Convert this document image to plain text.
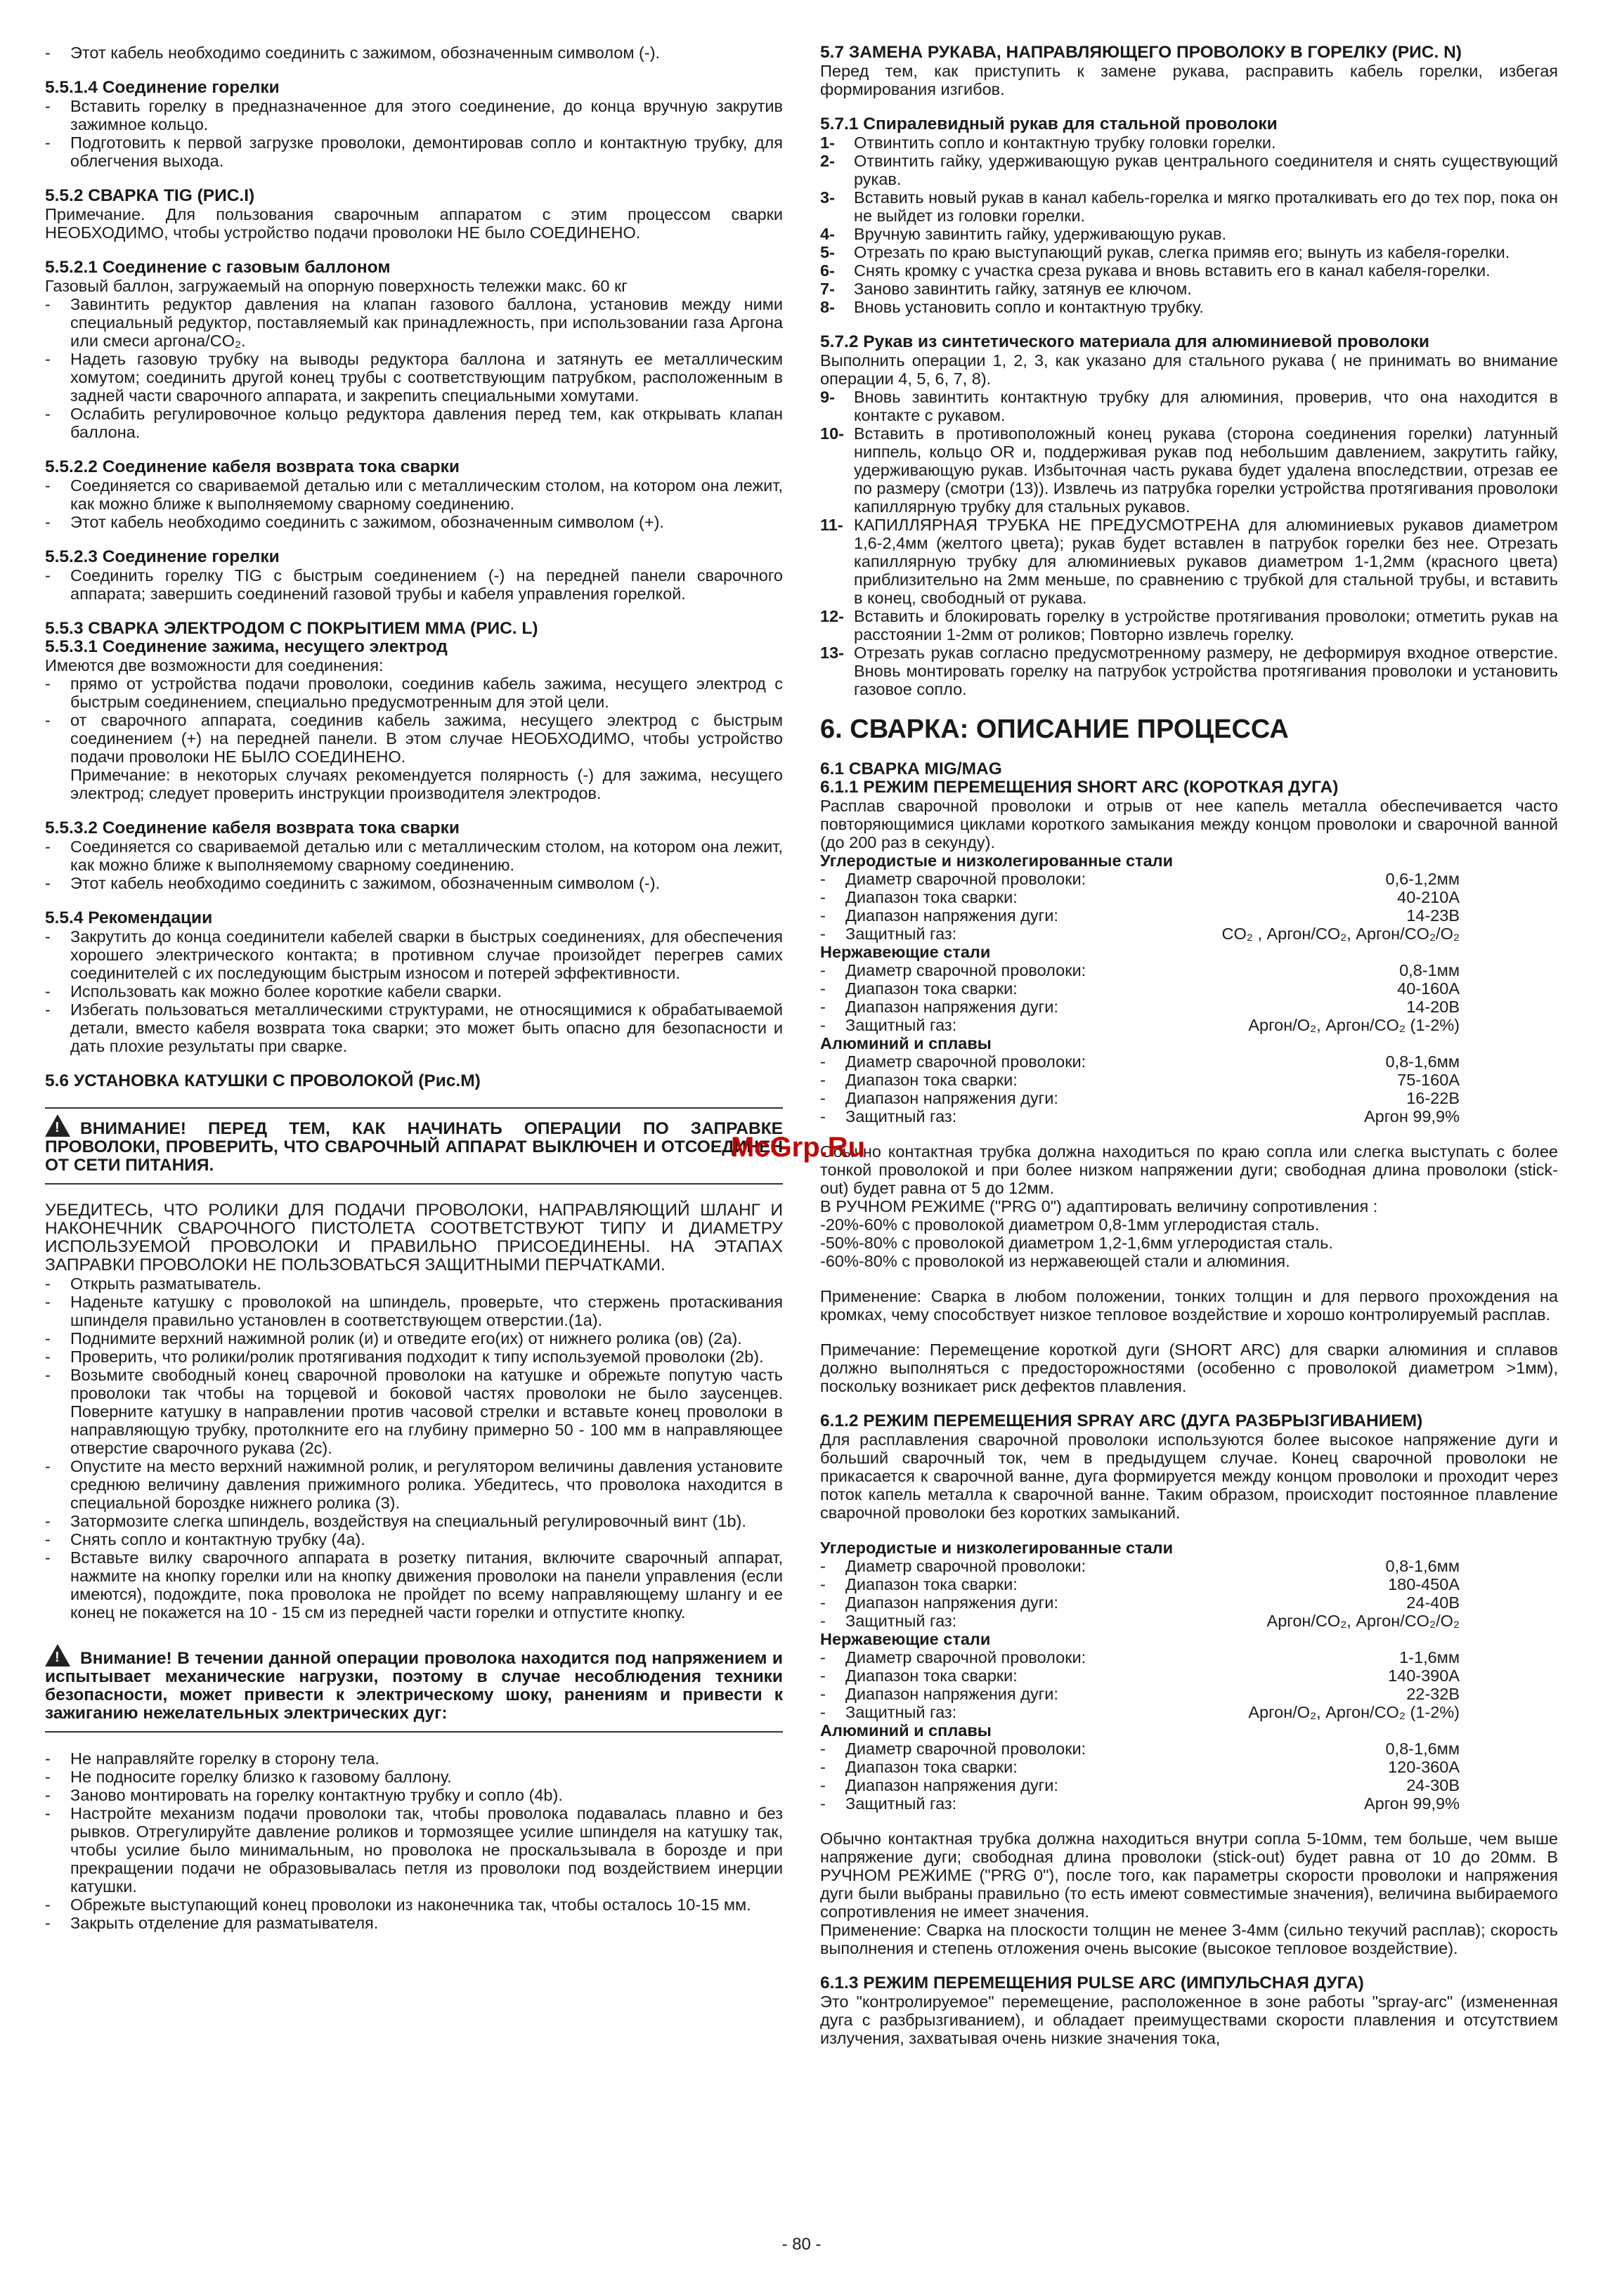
- Этот кабель необходимо соединить с зажимом, обозначенным символом (-).
5.5.1.4 Соединение горелки
- Вставить горелку в предназначенное для этого соединение, до конца вручную закрутив зажимное кольцо.
- Подготовить к первой загрузке проволоки, демонтировав сопло и контактную трубку, для облегчения выхода.
5.5.2 СВАРКА TIG (РИС.I)
Примечание. Для пользования сварочным аппаратом с этим процессом сварки НЕОБХОДИМО, чтобы устройство подачи проволоки НЕ было СОЕДИНЕНО.
5.5.2.1 Соединение с газовым баллоном
Газовый баллон, загружаемый на опорную поверхность тележки макс. 60 кг
- Завинтить редуктор давления на клапан газового баллона, установив между ними специальный редуктор, поставляемый как принадлежность, при использовании газа Аргона или смеси аргона/CO₂.
- Надеть газовую трубку на выводы редуктора баллона и затянуть ее металлическим хомутом; соединить другой конец трубы с соответствующим патрубком, расположенным в задней части сварочного аппарата, и закрепить специальными хомутами.
- Ослабить регулировочное кольцо редуктора давления перед тем, как открывать клапан баллона.
5.5.2.2 Соединение кабеля возврата тока сварки
- Соединяется со свариваемой деталью или с металлическим столом, на котором она лежит, как можно ближе к выполняемому сварному соединению.
- Этот кабель необходимо соединить с зажимом, обозначенным символом (+).
5.5.2.3 Соединение горелки
- Соединить горелку TIG с быстрым соединением (-) на передней панели сварочного аппарата; завершить соединений газовой трубы и кабеля управления горелкой.
5.5.3 СВАРКА ЭЛЕКТРОДОМ С ПОКРЫТИЕМ MMA (РИС. L)
5.5.3.1 Соединение зажима, несущего электрод
Имеются две возможности для соединения:
- прямо от устройства подачи проволоки, соединив кабель зажима, несущего электрод с быстрым соединением, специально предусмотренным для этой цели.
- от сварочного аппарата, соединив кабель зажима, несущего электрод с быстрым соединением (+) на передней панели. В этом случае НЕОБХОДИМО, чтобы устройство подачи проволоки НЕ БЫЛО СОЕДИНЕНО.
Примечание: в некоторых случаях рекомендуется полярность (-) для зажима, несущего электрод; следует проверить инструкции производителя электродов.
5.5.3.2 Соединение кабеля возврата тока сварки
- Соединяется со свариваемой деталью или с металлическим столом, на котором она лежит, как можно ближе к выполняемому сварному соединению.
- Этот кабель необходимо соединить с зажимом, обозначенным символом (-).
5.5.4 Рекомендации
- Закрутить до конца соединители кабелей сварки в быстрых соединениях, для обеспечения хорошего электрического контакта; в противном случае произойдет перегрев самих соединителей с их последующим быстрым износом и потерей эффективности.
- Использовать как можно более короткие кабели сварки.
- Избегать пользоваться металлическими структурами, не относящимися к обрабатываемой детали, вместо кабеля возврата тока сварки; это может быть опасно для безопасности и дать плохие результаты при сварке.
5.6 УСТАНОВКА КАТУШКИ С ПРОВОЛОКОЙ (Рис.M)
!ВНИМАНИЕ! ПЕРЕД ТЕМ, КАК НАЧИНАТЬ ОПЕРАЦИИ ПО ЗАПРАВКЕ ПРОВОЛОКИ, ПРОВЕРИТЬ, ЧТО СВАРОЧНЫЙ АППАРАТ ВЫКЛЮЧЕН И ОТСОЕДИНЕН ОТ СЕТИ ПИТАНИЯ.
УБЕДИТЕСЬ, ЧТО РОЛИКИ ДЛЯ ПОДАЧИ ПРОВОЛОКИ, НАПРАВЛЯЮЩИЙ ШЛАНГ И НАКОНЕЧНИК СВАРОЧНОГО ПИСТОЛЕТА СООТВЕТСТВУЮТ ТИПУ И ДИАМЕТРУ ИСПОЛЬЗУЕМОЙ ПРОВОЛОКИ И ПРАВИЛЬНО ПРИСОЕДИНЕНЫ. НА ЭТАПАХ ЗАПРАВКИ ПРОВОЛОКИ НЕ ПОЛЬЗОВАТЬСЯ ЗАЩИТНЫМИ ПЕРЧАТКАМИ.
- Открыть разматыватель.
- Наденьте катушку с проволокой на шпиндель, проверьте, что стержень протаскивания шпинделя правильно установлен в соответствующем отверстии.(1a).
- Поднимите верхний нажимной ролик (и) и отведите его(их) от нижнего ролика (ов) (2a).
- Проверить, что ролики/ролик протягивания подходит к типу используемой проволоки (2b).
- Возьмите свободный конец сварочной проволоки на катушке и обрежьте попутую часть проволоки так чтобы на торцевой и боковой частях проволоки не было заусенцев. Поверните катушку в направлении против часовой стрелки и вставьте конец проволоки в направляющую трубку, протолкните его на глубину примерно 50 - 100 мм в направляющее отверстие сварочного рукава (2c).
- Опустите на место верхний нажимной ролик, и регулятором величины давления установите среднюю величину давления прижимного ролика. Убедитесь, что проволока находится в специальной бороздке нижнего ролика (3).
- Затормозите слегка шпиндель, воздействуя на специальный регулировочный винт (1b).
- Снять сопло и контактную трубку (4a).
- Вставьте вилку сварочного аппарата в розетку питания, включите сварочный аппарат, нажмите на кнопку горелки или на кнопку движения проволоки на панели управления (если имеются), подождите, пока проволока не пройдет по всему направляющему шлангу и ее конец не покажется на 10 - 15 см из передней части горелки и отпустите кнопку.
!Внимание! В течении данной операции проволока находится под напряжением и испытывает механические нагрузки, поэтому в случае несоблюдения техники безопасности, может привести к электрическому шоку, ранениям и привести к зажиганию нежелательных электрических дуг:
- Не направляйте горелку в сторону тела.
- Не подносите горелку близко к газовому баллону.
- Заново монтировать на горелку контактную трубку и сопло (4b).
- Настройте механизм подачи проволоки так, чтобы проволока подавалась плавно и без рывков. Отрегулируйте давление роликов и тормозящее усилие шпинделя на катушку так, чтобы усилие было минимальным, но проволока не проскальзывала в бороздe и при прекращении подачи не образовывалась петля из проволоки под воздействием инерции катушки.
- Обрежьте выступающий конец проволоки из наконечника так, чтобы осталось 10-15 мм.
- Закрыть отделение для разматывателя.
5.7 ЗАМЕНА РУКАВА, НАПРАВЛЯЮЩЕГО ПРОВОЛОКУ В ГОРЕЛКУ (РИС. N)
Перед тем, как приступить к замене рукава, расправить кабель горелки, избегая формирования изгибов.
5.7.1 Спиралевидный рукав для стальной проволоки
1- Отвинтить сопло и контактную трубку головки горелки.
2- Отвинтить гайку, удерживающую рукав центрального соединителя и снять существующий рукав.
3- Вставить новый рукав в канал кабель-горелка и мягко проталкивать его до тех пор, пока он не выйдет из головки горелки.
4- Вручную завинтить гайку, удерживающую рукав.
5- Отрезать по краю выступающий рукав, слегка примяв его; вынуть из кабеля-горелки.
6- Снять кромку с участка среза рукава и вновь вставить его в канал кабеля-горелки.
7- Заново завинтить гайку, затянув ее ключом.
8- Вновь установить сопло и контактную трубку.
5.7.2 Рукав из синтетического материала для алюминиевой проволоки
Выполнить операции 1, 2, 3, как указано для стального рукава ( не принимать во внимание операции 4, 5, 6, 7, 8).
9- Вновь завинтить контактную трубку для алюминия, проверив, что она находится в контакте с рукавом.
10- Вставить в противоположный конец рукава (сторона соединения горелки) латунный ниппель, кольцо OR и, поддерживая рукав под небольшим давлением, закрутить гайку, удерживающую рукав. Избыточная часть рукава будет удалена впоследствии, отрезав ее по размеру (смотри (13)). Извлечь из патрубка горелки устройства протягивания проволоки капиллярную трубку для стальных рукавов.
11- КАПИЛЛЯРНАЯ ТРУБКА НЕ ПРЕДУСМОТРЕНА для алюминиевых рукавов диаметром 1,6-2,4мм (желтого цвета); рукав будет вставлен в патрубок горелки без нее. Отрезать капиллярную трубку для алюминиевых рукавов диаметром 1-1,2мм (красного цвета) приблизительно на 2мм меньше, по сравнению с трубкой для стальной трубы, и вставить в конец, свободный от рукава.
12- Вставить и блокировать горелку в устройстве протягивания проволоки; отметить рукав на расстоянии 1-2мм от роликов; Повторно извлечь горелку.
13- Отрезать рукав согласно предусмотренному размеру, не деформируя входное отверстие. Вновь монтировать горелку на патрубок устройства протягивания проволоки и установить газовое сопло.
6. СВАРКА: ОПИСАНИЕ ПРОЦЕССА
6.1 СВАРКА MIG/MAG
6.1.1 РЕЖИМ ПЕРЕМЕЩЕНИЯ SHORT ARC (КОРОТКАЯ ДУГА)
Расплав сварочной проволоки и отрыв от нее капель металла обеспечивается часто повторяющимися циклами короткого замыкания между концом проволоки и сварочной ванной (до 200 раз в секунду).
Углеродистые и низколегированные стали
- Диаметр сварочной проволоки:	0,6-1,2мм
- Диапазон тока сварки:	40-210A
- Диапазон напряжения дуги:	14-23B
- Защитный газ:	CO₂ , Аргон/CO₂, Аргон/CO₂/O₂
Нержавеющие стали
- Диаметр сварочной проволоки:	0,8-1мм
- Диапазон тока сварки:	40-160A
- Диапазон напряжения дуги:	14-20B
- Защитный газ:	Аргон/O₂, Аргон/CO₂ (1-2%)
Алюминий и сплавы
- Диаметр сварочной проволоки:	0,8-1,6мм
- Диапазон тока сварки:	75-160A
- Диапазон напряжения дуги:	16-22B
- Защитный газ:	Аргон 99,9%
Обычно контактная трубка должна находиться по краю сопла или слегка выступать с более тонкой проволокой и при более низком напряжении дуги; свободная длина проволоки (stick-out) будет равна от 5 до 12мм.
В РУЧНОМ РЕЖИМЕ ("PRG 0") адаптировать величину сопротивления :
-20%-60% с проволокой диаметром 0,8-1мм углеродистая сталь.
-50%-80% с проволокой диаметром 1,2-1,6мм углеродистая сталь.
-60%-80% с проволокой из нержавеющей стали и алюминия.
Применение: Сварка в любом положении, тонких толщин и для первого прохождения на кромках, чему способствует низкое тепловое воздействие и хорошо контролируемый расплав.
Примечание: Перемещение короткой дуги (SHORT ARC) для сварки алюминия и сплавов должно выполняться с предосторожностями (особенно с проволокой диаметром >1мм), поскольку возникает риск дефектов плавления.
6.1.2 РЕЖИМ ПЕРЕМЕЩЕНИЯ SPRAY ARC (ДУГА РАЗБРЫЗГИВАНИЕМ)
Для расплавления сварочной проволоки используются более высокое напряжение дуги и больший сварочный ток, чем в предыдущем случае. Конец сварочной проволоки не прикасается к сварочной ванне, дуга формируется между концом проволоки и проходит через поток капель металла к сварочной ванне. Таким образом, происходит постоянное плавление сварочной проволоки без коротких замыканий.
Углеродистые и низколегированные стали
- Диаметр сварочной проволоки:	0,8-1,6мм
- Диапазон тока сварки:	180-450A
- Диапазон напряжения дуги:	24-40B
- Защитный газ:	Аргон/CO₂, Аргон/CO₂/O₂
Нержавеющие стали
- Диаметр сварочной проволоки:	1-1,6мм
- Диапазон тока сварки:	140-390A
- Диапазон напряжения дуги:	22-32B
- Защитный газ:	Аргон/O₂, Аргон/CO₂ (1-2%)
Алюминий и сплавы
- Диаметр сварочной проволоки:	0,8-1,6мм
- Диапазон тока сварки:	120-360A
- Диапазон напряжения дуги:	24-30B
- Защитный газ:	Аргон 99,9%
Обычно контактная трубка должна находиться внутри сопла 5-10мм, тем больше, чем выше напряжение дуги; свободная длина проволоки (stick-out) будет равна от 10 до 20мм. В РУЧНОМ РЕЖИМЕ ("PRG 0"), после того, как параметры скорости проволоки и напряжения дуги были выбраны правильно (то есть имеют совместимые значения), величина выбираемого сопротивления не имеет значения.
Применение: Сварка на плоскости толщин не менее 3-4мм (сильно текучий расплав); скорость выполнения и степень отложения очень высокие (высокое тепловое воздействие).
6.1.3 РЕЖИМ ПЕРЕМЕЩЕНИЯ PULSE ARC (ИМПУЛЬСНАЯ ДУГА)
Это "контролируемое" перемещение, расположенное в зоне работы "spray-arc" (измененная дуга с разбрызгиванием), и обладает преимуществами скорости плавления и отсутствием излучения, захватывая очень низкие значения тока,
McGrp.Ru
- 80 -
